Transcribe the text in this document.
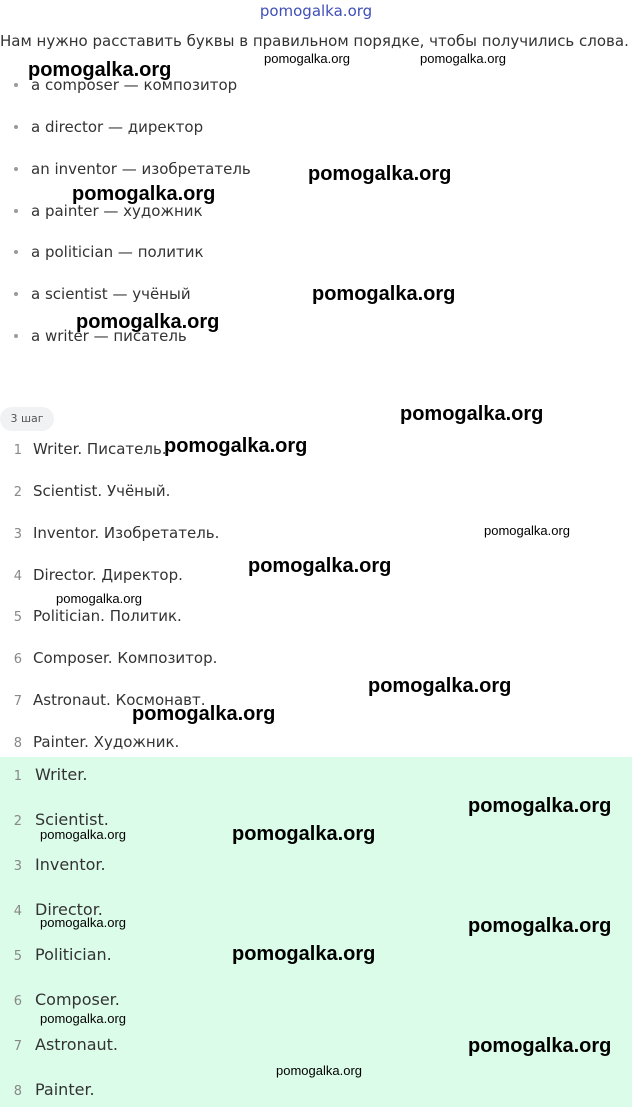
pomogalka.org
Нам нужно расставить буквы в правильном порядке, чтобы получились слова.
a composer — композитор
a director — директор
an inventor — изобретатель
a painter — художник
a politician — политик
a scientist — учёный
a writer — писатель
3 шаг
1 Writer. Писатель.
2 Scientist. Учёный.
3 Inventor. Изобретатель.
4 Director. Директор.
5 Politician. Политик.
6 Composer. Композитор.
7 Astronaut. Космонавт.
8 Painter. Художник.
1 Writer.
2 Scientist.
3 Inventor.
4 Director.
5 Politician.
6 Composer.
7 Astronaut.
8 Painter.
pomogalka.org
pomogalka.org	pomogalka.org
pomogalka.org
pomogalka.org
pomogalka.org
pomogalka.org
pomogalka.org
pomogalka.org
pomogalka.org
pomogalka.org
pomogalka.org
pomogalka.org
pomogalka.org
pomogalka.org
pomogalka.org	pomogalka.org
pomogalka.org	pomogalka.org
pomogalka.org
pomogalka.org
pomogalka.org
pomogalka.org
